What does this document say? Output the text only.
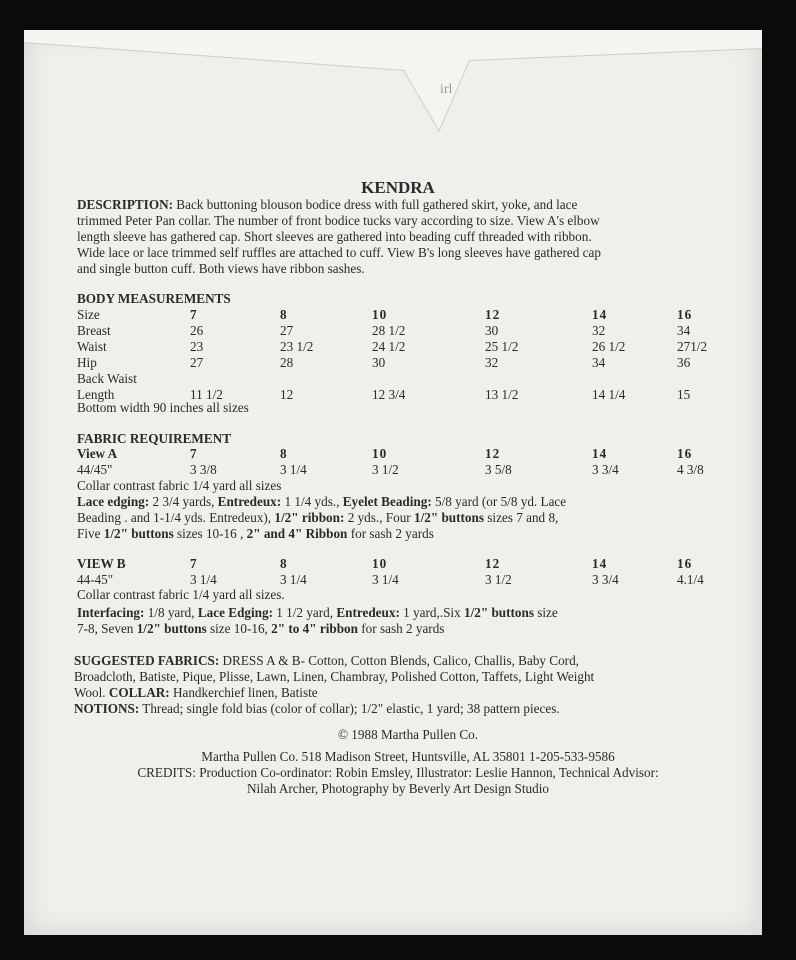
irl
KENDRA
DESCRIPTION: Back buttoning blouson bodice dress with full gathered skirt, yoke, and lace
trimmed Peter Pan collar. The number of front bodice tucks vary according to size. View A's elbow
length sleeve has gathered cap. Short sleeves are gathered into beading cuff threaded with ribbon.
Wide lace or lace trimmed self ruffles are attached to cuff. View B's long sleeves have gathered cap
and single button cuff. Both views have ribbon sashes.
BODY MEASUREMENTS
Size	7	8	10	12	14	16
Breast	26	27	28 1/2	30	32	34
Waist	23	23 1/2	24 1/2	25 1/2	26 1/2	271/2
Hip	27	28	30	32	34	36
Back Waist
Length	11 1/2	12	12 3/4	13 1/2	14 1/4	15
Bottom width 90 inches all sizes
FABRIC REQUIREMENT
View A	7	8	10	12	14	16
44/45"	3 3/8	3 1/4	3 1/2	3 5/8	3 3/4	4 3/8
Collar contrast fabric 1/4 yard all sizes
Lace edging: 2 3/4 yards, Entredeux: 1 1/4 yds., Eyelet Beading: 5/8 yard (or 5/8 yd. Lace
Beading . and 1-1/4 yds. Entredeux), 1/2" ribbon: 2 yds., Four 1/2" buttons sizes 7 and 8,
Five 1/2" buttons sizes 10-16 , 2" and 4" Ribbon for sash 2 yards
VIEW B	7	8	10	12	14	16
44-45"	3 1/4	3 1/4	3 1/4	3 1/2	3 3/4	4.1/4
Collar contrast fabric 1/4 yard all sizes.
Interfacing: 1/8 yard, Lace Edging: 1 1/2 yard, Entredeux: 1 yard,.Six 1/2" buttons size
7-8, Seven 1/2" buttons size 10-16, 2" to 4" ribbon for sash 2 yards
SUGGESTED FABRICS: DRESS A & B- Cotton, Cotton Blends, Calico, Challis, Baby Cord,
Broadcloth, Batiste, Pique, Plisse, Lawn, Linen, Chambray, Polished Cotton, Taffets, Light Weight
Wool. COLLAR: Handkerchief linen, Batiste
NOTIONS: Thread; single fold bias (color of collar); 1/2" elastic, 1 yard; 38 pattern pieces.
© 1988 Martha Pullen Co.
Martha Pullen Co. 518 Madison Street, Huntsville, AL 35801 1-205-533-9586
CREDITS: Production Co-ordinator: Robin Emsley, Illustrator: Leslie Hannon, Technical Advisor:
Nilah Archer, Photography by Beverly Art Design Studio
